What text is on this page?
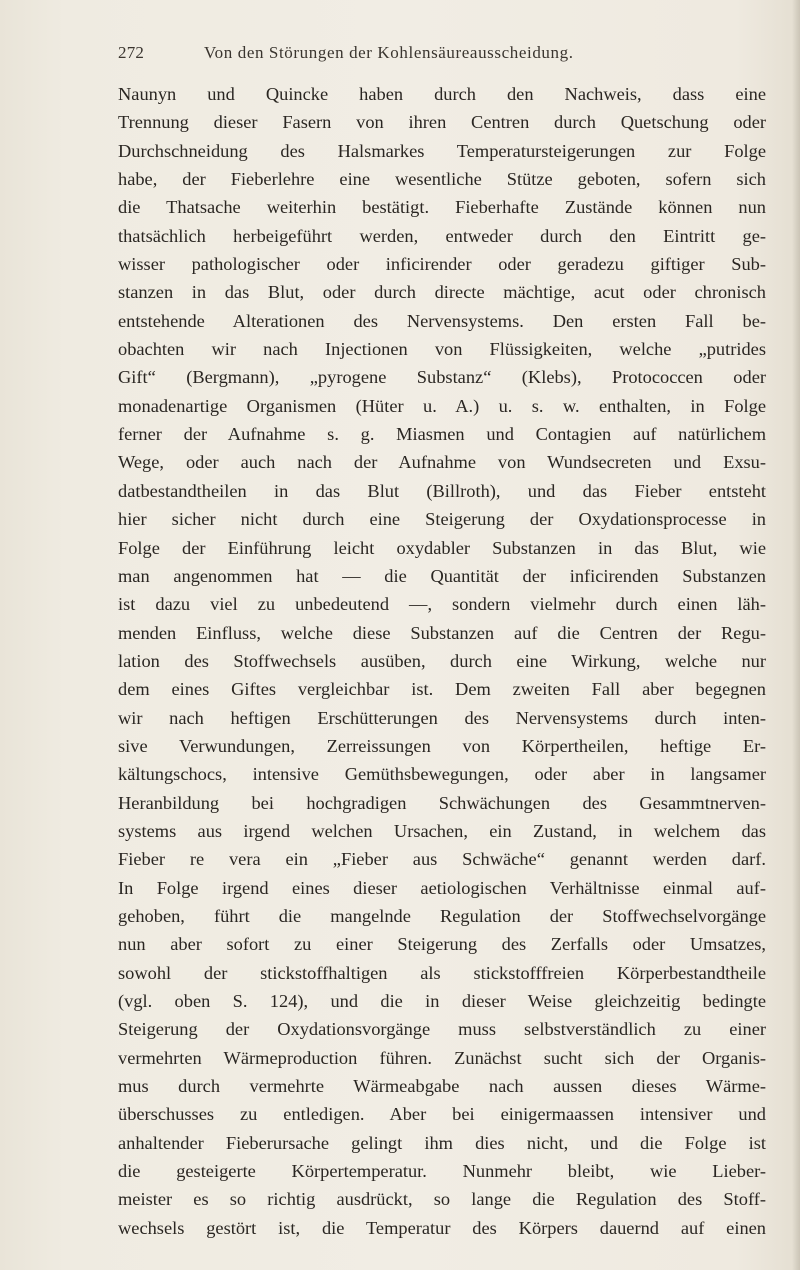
272	Von den Störungen der Kohlensäureausscheidung.
Naunyn und Quincke haben durch den Nachweis, dass eine
Trennung dieser Fasern von ihren Centren durch Quetschung oder
Durchschneidung des Halsmarkes Temperatursteigerungen zur Folge
habe, der Fieberlehre eine wesentliche Stütze geboten, sofern sich
die Thatsache weiterhin bestätigt. Fieberhafte Zustände können nun
thatsächlich herbeigeführt werden, entweder durch den Eintritt ge-
wisser pathologischer oder inficirender oder geradezu giftiger Sub-
stanzen in das Blut, oder durch directe mächtige, acut oder chronisch
entstehende Alterationen des Nervensystems. Den ersten Fall be-
obachten wir nach Injectionen von Flüssigkeiten, welche „putrides
Gift“ (Bergmann), „pyrogene Substanz“ (Klebs), Protococcen oder
monadenartige Organismen (Hüter u. A.) u. s. w. enthalten, in Folge
ferner der Aufnahme s. g. Miasmen und Contagien auf natürlichem
Wege, oder auch nach der Aufnahme von Wundsecreten und Exsu-
datbestandtheilen in das Blut (Billroth), und das Fieber entsteht
hier sicher nicht durch eine Steigerung der Oxydationsprocesse in
Folge der Einführung leicht oxydabler Substanzen in das Blut, wie
man angenommen hat — die Quantität der inficirenden Substanzen
ist dazu viel zu unbedeutend —, sondern vielmehr durch einen läh-
menden Einfluss, welche diese Substanzen auf die Centren der Regu-
lation des Stoffwechsels ausüben, durch eine Wirkung, welche nur
dem eines Giftes vergleichbar ist. Dem zweiten Fall aber begegnen
wir nach heftigen Erschütterungen des Nervensystems durch inten-
sive Verwundungen, Zerreissungen von Körpertheilen, heftige Er-
kältungschocs, intensive Gemüthsbewegungen, oder aber in langsamer
Heranbildung bei hochgradigen Schwächungen des Gesammtnerven-
systems aus irgend welchen Ursachen, ein Zustand, in welchem das
Fieber re vera ein „Fieber aus Schwäche“ genannt werden darf.
In Folge irgend eines dieser aetiologischen Verhältnisse einmal auf-
gehoben, führt die mangelnde Regulation der Stoffwechselvorgänge
nun aber sofort zu einer Steigerung des Zerfalls oder Umsatzes,
sowohl der stickstoffhaltigen als stickstofffreien Körperbestandtheile
(vgl. oben S. 124), und die in dieser Weise gleichzeitig bedingte
Steigerung der Oxydationsvorgänge muss selbstverständlich zu einer
vermehrten Wärmeproduction führen. Zunächst sucht sich der Organis-
mus durch vermehrte Wärmeabgabe nach aussen dieses Wärme-
überschusses zu entledigen. Aber bei einigermaassen intensiver und
anhaltender Fieberursache gelingt ihm dies nicht, und die Folge ist
die gesteigerte Körpertemperatur. Nunmehr bleibt, wie Lieber-
meister es so richtig ausdrückt, so lange die Regulation des Stoff-
wechsels gestört ist, die Temperatur des Körpers dauernd auf einen
